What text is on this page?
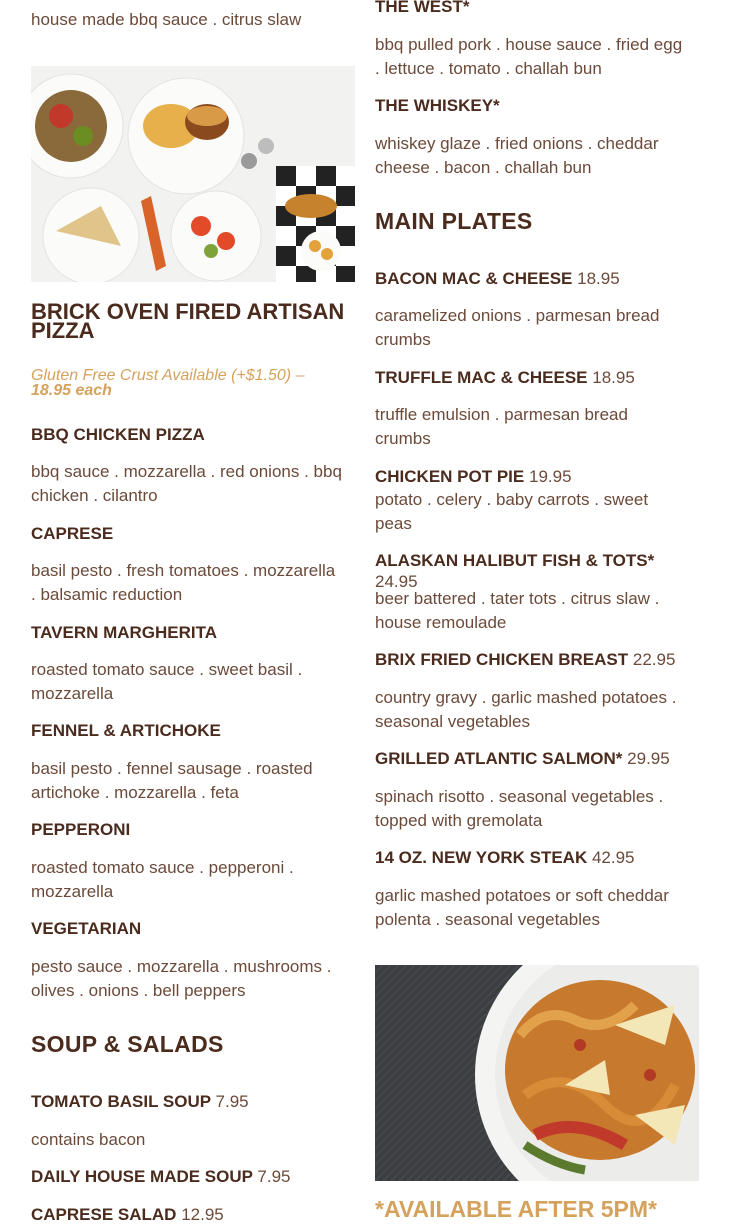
house made bbq sauce . citrus slaw
BRICK OVEN FIRED ARTISAN
PIZZA
Gluten Free Crust Available (+$1.50) –
18.95 each
BBQ CHICKEN PIZZA
bbq sauce . mozzarella . red onions . bbq
chicken . cilantro
CAPRESE
basil pesto . fresh tomatoes . mozzarella
. balsamic reduction
TAVERN MARGHERITA
roasted tomato sauce . sweet basil .
mozzarella
FENNEL & ARTICHOKE
basil pesto . fennel sausage . roasted
artichoke . mozzarella . feta
PEPPERONI
roasted tomato sauce . pepperoni .
mozzarella
VEGETARIAN
pesto sauce . mozzarella . mushrooms .
olives . onions . bell peppers
SOUP & SALADS
TOMATO BASIL SOUP 7.95
contains bacon
DAILY HOUSE MADE SOUP 7.95
CAPRESE SALAD 12.95
THE WEST*
bbq pulled pork . house sauce . fried egg
. lettuce . tomato . challah bun
THE WHISKEY*
whiskey glaze . fried onions . cheddar
cheese . bacon . challah bun
MAIN PLATES
BACON MAC & CHEESE 18.95
caramelized onions . parmesan bread
crumbs
TRUFFLE MAC & CHEESE 18.95
truffle emulsion . parmesan bread
crumbs
CHICKEN POT PIE 19.95
potato . celery . baby carrots . sweet
peas
ALASKAN HALIBUT FISH & TOTS* 24.95
beer battered . tater tots . citrus slaw .
house remoulade
BRIX FRIED CHICKEN BREAST 22.95
country gravy . garlic mashed potatoes .
seasonal vegetables
GRILLED ATLANTIC SALMON* 29.95
spinach risotto . seasonal vegetables .
topped with gremolata
14 OZ. NEW YORK STEAK 42.95
garlic mashed potatoes or soft cheddar
polenta . seasonal vegetables
*AVAILABLE AFTER 5PM*
